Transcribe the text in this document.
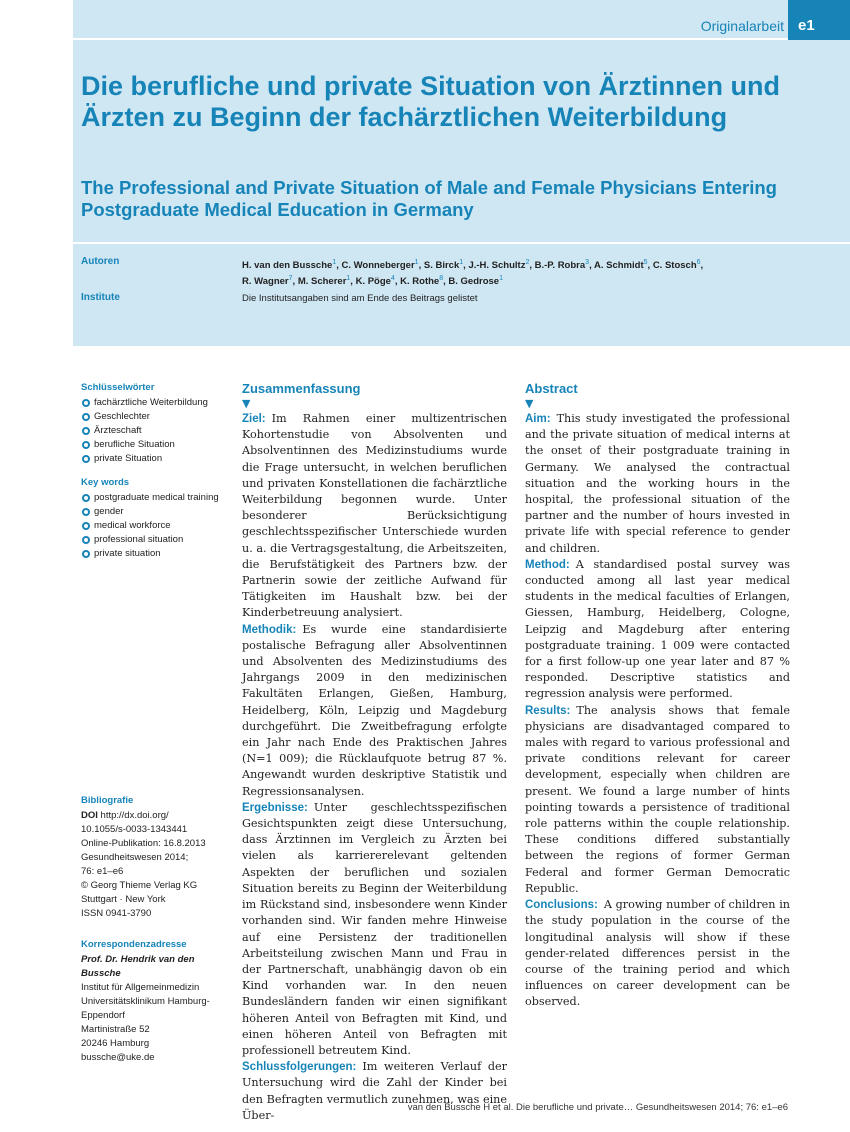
Originalarbeit e1
Die berufliche und private Situation von Ärztinnen und Ärzten zu Beginn der fachärztlichen Weiterbildung
The Professional and Private Situation of Male and Female Physicians Entering Postgraduate Medical Education in Germany
Autoren	H. van den Bussche$^1$, C. Wonneberger$^1$, S. Birck$^1$, J.-H. Schultz$^2$, B.-P. Robra$^3$, A. Schmidt$^5$, C. Stosch$^6$,
R. Wagner$^7$, M. Scherer$^1$, K. Pöge$^4$, K. Rothe$^8$, B. Gedrose$^1$
Institute	Die Institutsangaben sind am Ende des Beitrags gelistet
Schlüsselwörter
fachärztliche Weiterbildung
Geschlechter
Ärzteschaft
berufliche Situation
private Situation
Key words
postgraduate medical training
gender
medical workforce
professional situation
private situation
Bibliografie
DOI http://dx.doi.org/
10.1055/s-0033-1343441
Online-Publikation: 16.8.2013
Gesundheitswesen 2014;
76: e1–e6
© Georg Thieme Verlag KG
Stuttgart · New York
ISSN 0941-3790
Korrespondenzadresse
Prof. Dr. Hendrik van den Bussche
Institut für Allgemeinmedizin
Universitätsklinikum Hamburg-
Eppendorf
Martinistraße 52
20246 Hamburg
bussche@uke.de
Zusammenfassung
▼

Ziel: Im Rahmen einer multizentrischen Kohortenstudie von Absolventen und Absolventinnen des Medizinstudiums wurde die Frage untersucht, in welchen beruflichen und privaten Konstellationen die fachärztliche Weiterbildung begonnen wurde. Unter besonderer Berücksichtigung geschlechtsspezifischer Unterschiede wurden u. a. die Vertragsgestaltung, die Arbeitszeiten, die Berufstätigkeit des Partners bzw. der Partnerin sowie der zeitliche Aufwand für Tätigkeiten im Haushalt bzw. bei der Kinderbetreuung analysiert.

Methodik: Es wurde eine standardisierte postalische Befragung aller Absolventinnen und Absolventen des Medizinstudiums des Jahrgangs 2009 in den medizinischen Fakultäten Erlangen, Gießen, Hamburg, Heidelberg, Köln, Leipzig und Magdeburg durchgeführt. Die Zweitbefragung erfolgte ein Jahr nach Ende des Praktischen Jahres (N=1 009); die Rücklaufquote betrug 87 %. Angewandt wurden deskriptive Statistik und Regressionsanalysen.

Ergebnisse: Unter geschlechtsspezifischen Gesichtspunkten zeigt diese Untersuchung, dass Ärztinnen im Vergleich zu Ärzten bei vielen als karriererelevant geltenden Aspekten der beruflichen und sozialen Situation bereits zu Beginn der Weiterbildung im Rückstand sind, insbesondere wenn Kinder vorhanden sind. Wir fanden mehre Hinweise auf eine Persistenz der traditionellen Arbeitsteilung zwischen Mann und Frau in der Partnerschaft, unabhängig davon ob ein Kind vorhanden war. In den neuen Bundesländern fanden wir einen signifikant höheren Anteil von Befragten mit Kind, und einen höheren Anteil von Befragten mit professionell betreutem Kind.

Schlussfolgerungen: Im weiteren Verlauf der Untersuchung wird die Zahl der Kinder bei den Befragten vermutlich zunehmen, was eine Über-

Abstract
▼

Aim: This study investigated the professional and the private situation of medical interns at the onset of their postgraduate training in Germany. We analysed the contractual situation and the working hours in the hospital, the professional situation of the partner and the number of hours invested in private life with special reference to gender and children.

Method: A standardised postal survey was conducted among all last year medical students in the medical faculties of Erlangen, Giessen, Hamburg, Heidelberg, Cologne, Leipzig and Magdeburg after entering postgraduate training. 1 009 were contacted for a first follow-up one year later and 87 % responded. Descriptive statistics and regression analysis were performed.

Results: The analysis shows that female physicians are disadvantaged compared to males with regard to various professional and private conditions relevant for career development, especially when children are present. We found a large number of hints pointing towards a persistence of traditional role patterns within the couple relationship. These conditions differed substantially between the regions of former German Federal and former German Democratic Republic.

Conclusions: A growing number of children in the study population in the course of the longitudinal analysis will show if these gender-related differences persist in the course of the training period and which influences on career development can be observed.

van den Bussche H et al. Die berufliche und private… Gesundheitswesen 2014; 76: e1–e6
